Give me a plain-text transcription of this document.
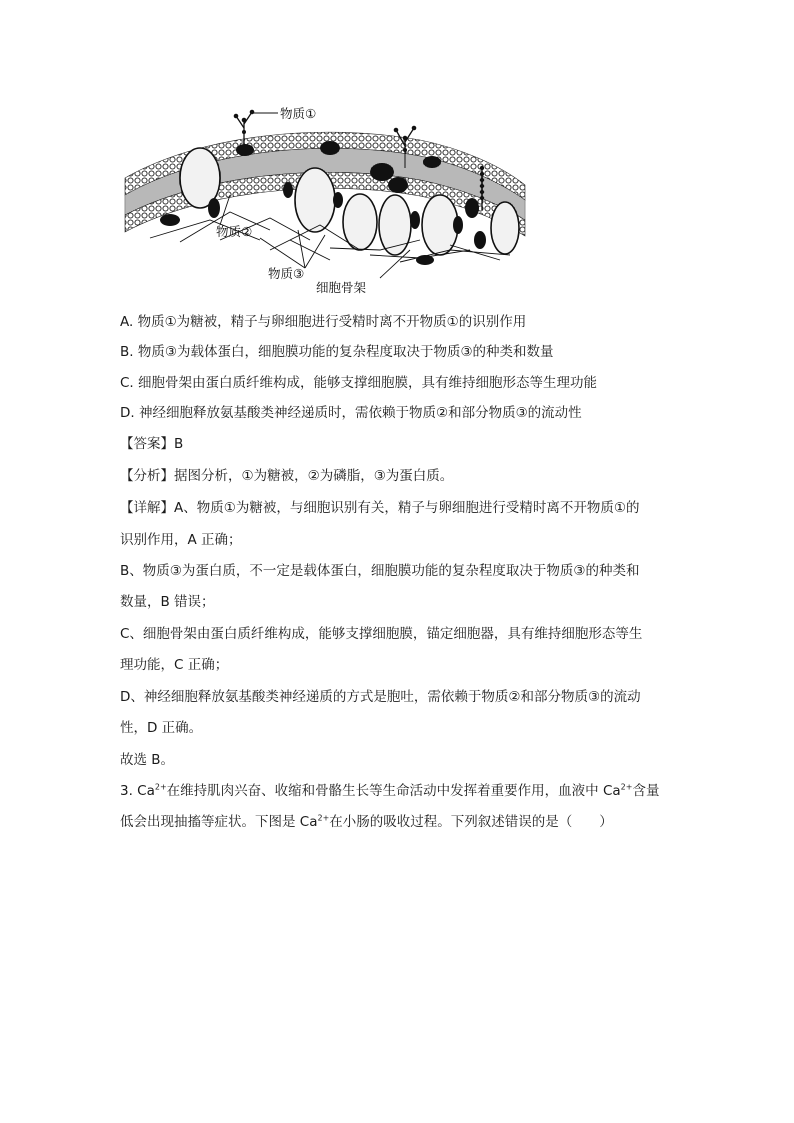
物质①
物质②
物质③
细胞骨架
A. 物质①为糖被，精子与卵细胞进行受精时离不开物质①的识别作用
B. 物质③为载体蛋白，细胞膜功能的复杂程度取决于物质③的种类和数量
C. 细胞骨架由蛋白质纤维构成，能够支撑细胞膜，具有维持细胞形态等生理功能
D. 神经细胞释放氨基酸类神经递质时，需依赖于物质②和部分物质③的流动性
【答案】B
【分析】据图分析，①为糖被，②为磷脂，③为蛋白质。
【详解】A、物质①为糖被，与细胞识别有关，精子与卵细胞进行受精时离不开物质①的
识别作用，A 正确；
B、物质③为蛋白质，不一定是载体蛋白，细胞膜功能的复杂程度取决于物质③的种类和
数量，B 错误；
C、细胞骨架由蛋白质纤维构成，能够支撑细胞膜，锚定细胞器，具有维持细胞形态等生
理功能，C 正确；
D、神经细胞释放氨基酸类神经递质的方式是胞吐，需依赖于物质②和部分物质③的流动
性，D 正确。
故选 B。
3. $Ca^{2+}$在维持肌肉兴奋、收缩和骨骼生长等生命活动中发挥着重要作用，血液中 $Ca^{2+}$含量
低会出现抽搐等症状。下图是 $Ca^{2+}$在小肠的吸收过程。下列叙述错误的是（　　）
